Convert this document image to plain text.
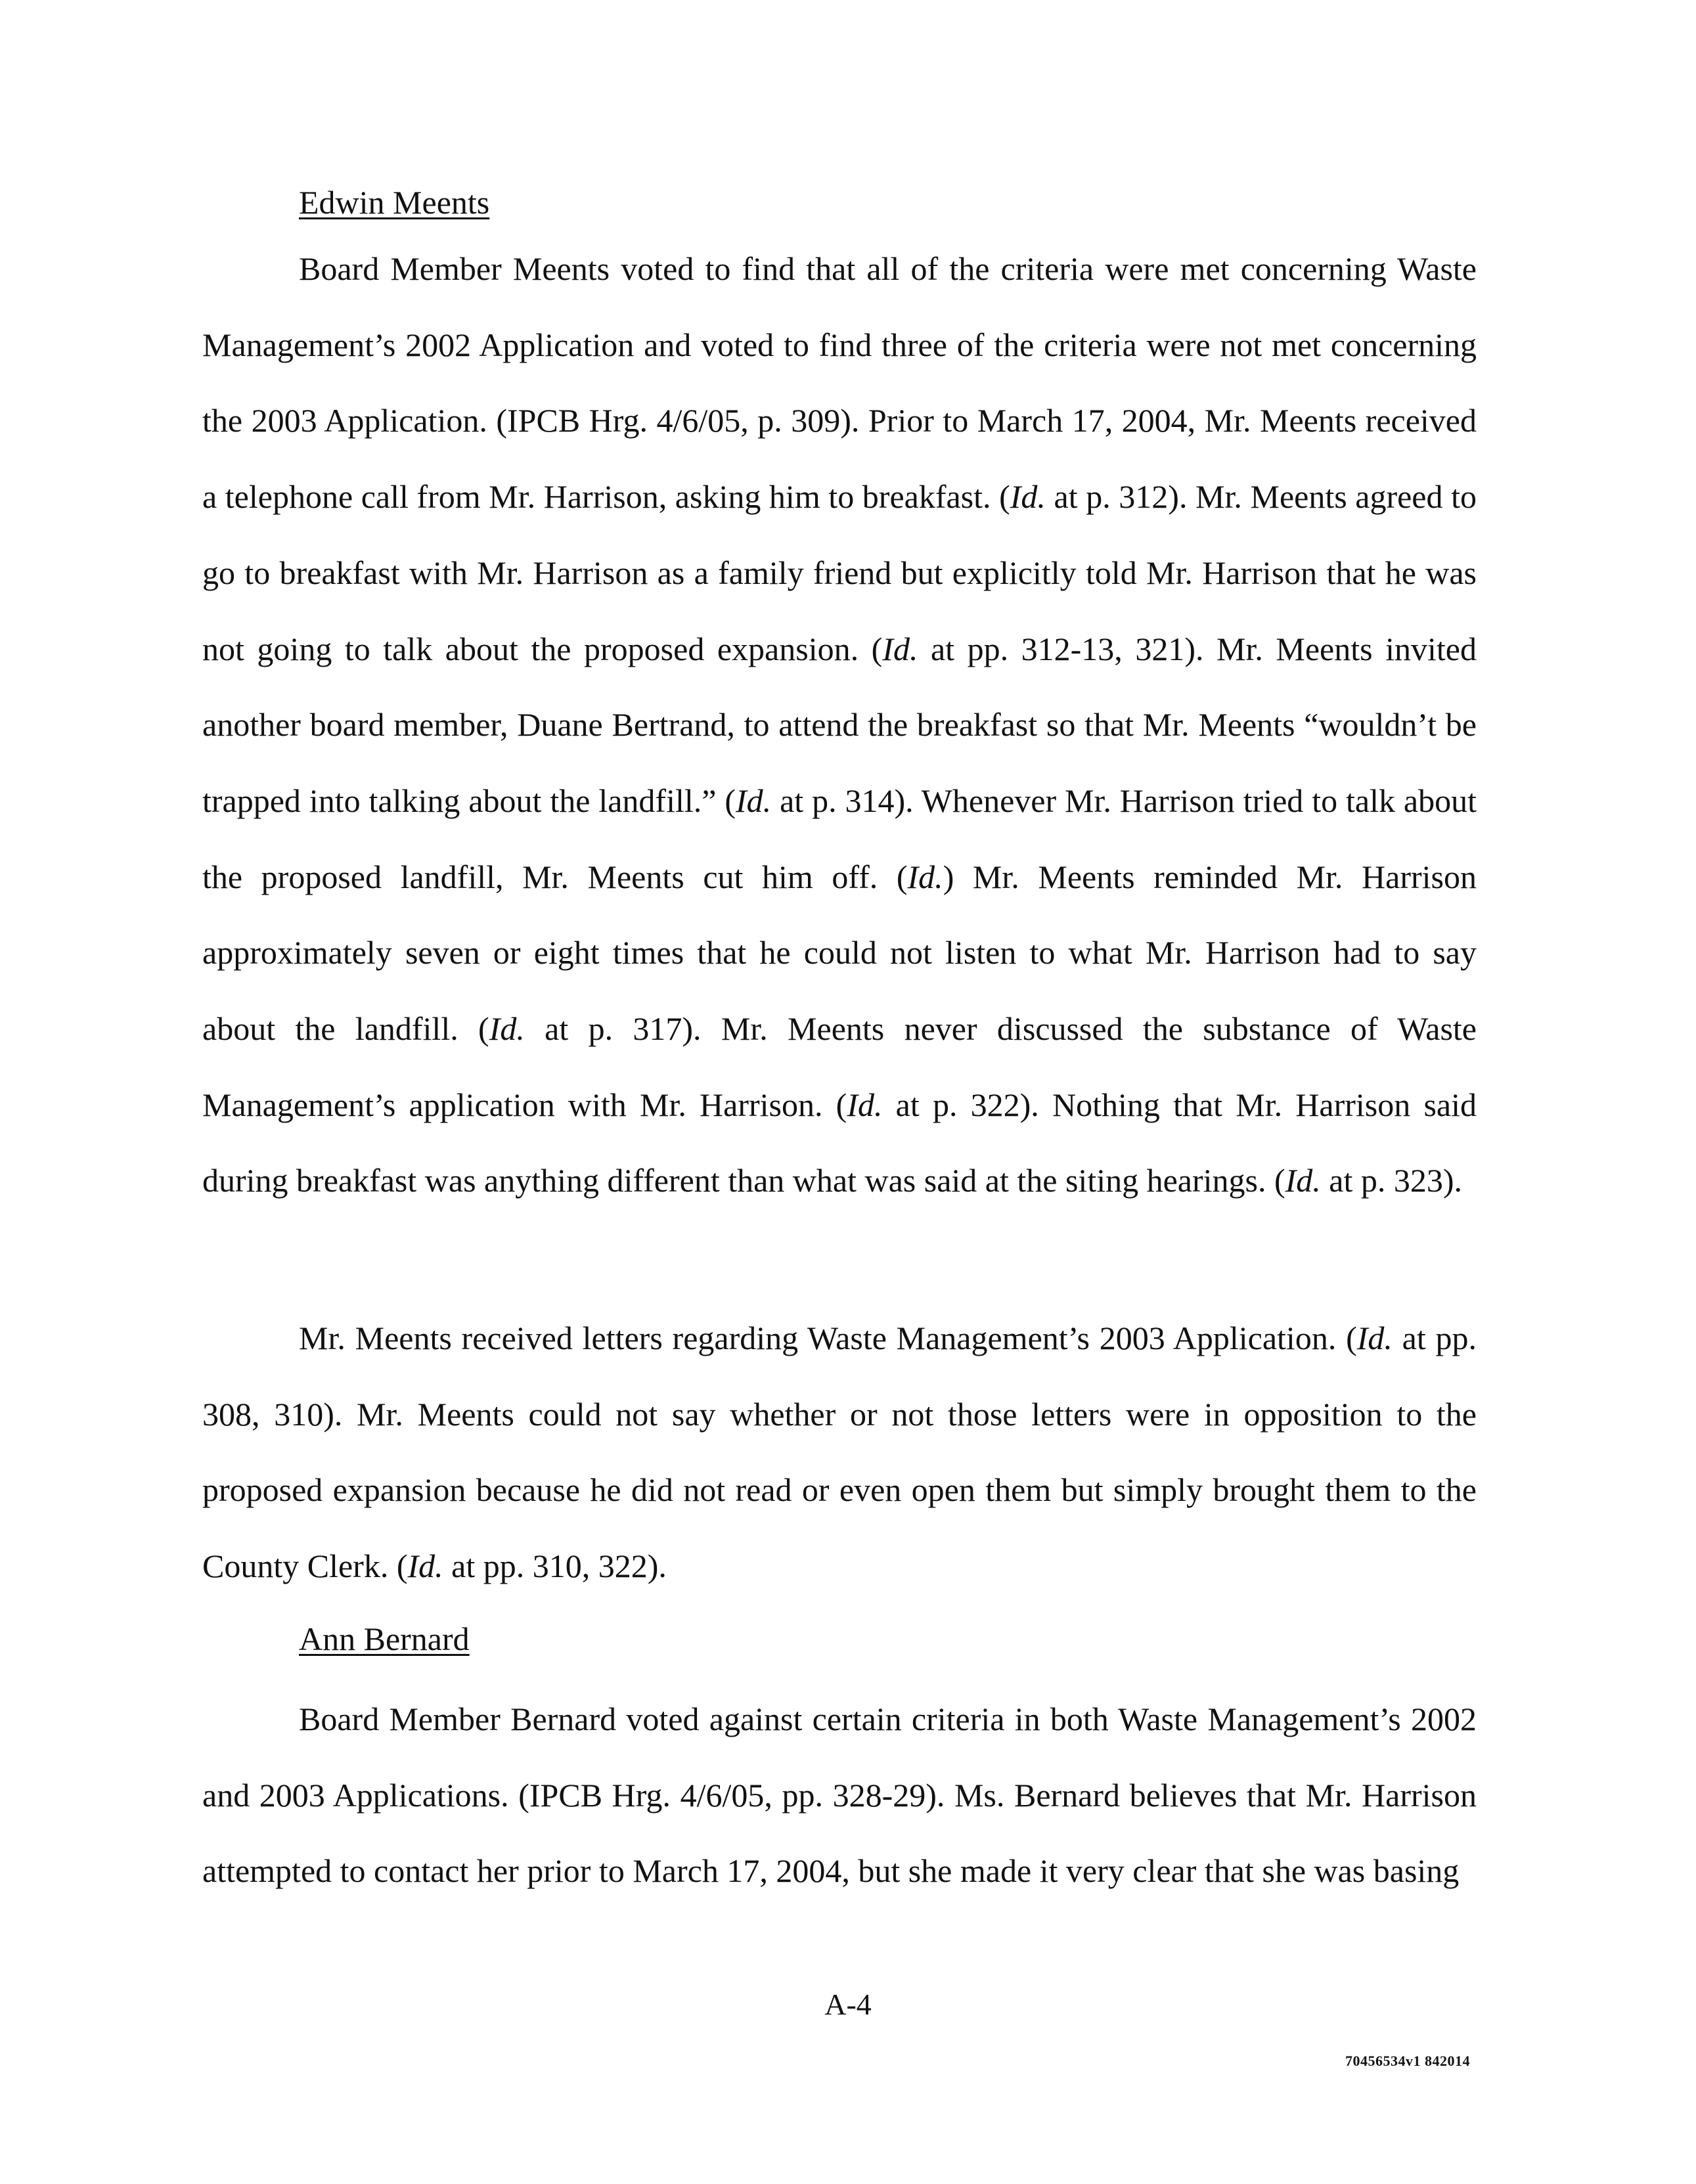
Edwin Meents

Board Member Meents voted to find that all of the criteria were met concerning Waste Management’s 2002 Application and voted to find three of the criteria were not met concerning the 2003 Application. (IPCB Hrg. 4/6/05, p. 309). Prior to March 17, 2004, Mr. Meents received a telephone call from Mr. Harrison, asking him to breakfast. (Id. at p. 312). Mr. Meents agreed to go to breakfast with Mr. Harrison as a family friend but explicitly told Mr. Harrison that he was not going to talk about the proposed expansion. (Id. at pp. 312-13, 321). Mr. Meents invited another board member, Duane Bertrand, to attend the breakfast so that Mr. Meents “wouldn’t be trapped into talking about the landfill.” (Id. at p. 314). Whenever Mr. Harrison tried to talk about the proposed landfill, Mr. Meents cut him off. (Id.) Mr. Meents reminded Mr. Harrison approximately seven or eight times that he could not listen to what Mr. Harrison had to say about the landfill. (Id. at p. 317). Mr. Meents never discussed the substance of Waste Management’s application with Mr. Harrison. (Id. at p. 322). Nothing that Mr. Harrison said during breakfast was anything different than what was said at the siting hearings. (Id. at p. 323).

Mr. Meents received letters regarding Waste Management’s 2003 Application. (Id. at pp. 308, 310). Mr. Meents could not say whether or not those letters were in opposition to the proposed expansion because he did not read or even open them but simply brought them to the County Clerk. (Id. at pp. 310, 322).

Ann Bernard

Board Member Bernard voted against certain criteria in both Waste Management’s 2002 and 2003 Applications. (IPCB Hrg. 4/6/05, pp. 328-29). Ms. Bernard believes that Mr. Harrison attempted to contact her prior to March 17, 2004, but she made it very clear that she was basing

A-4
70456534v1 842014
